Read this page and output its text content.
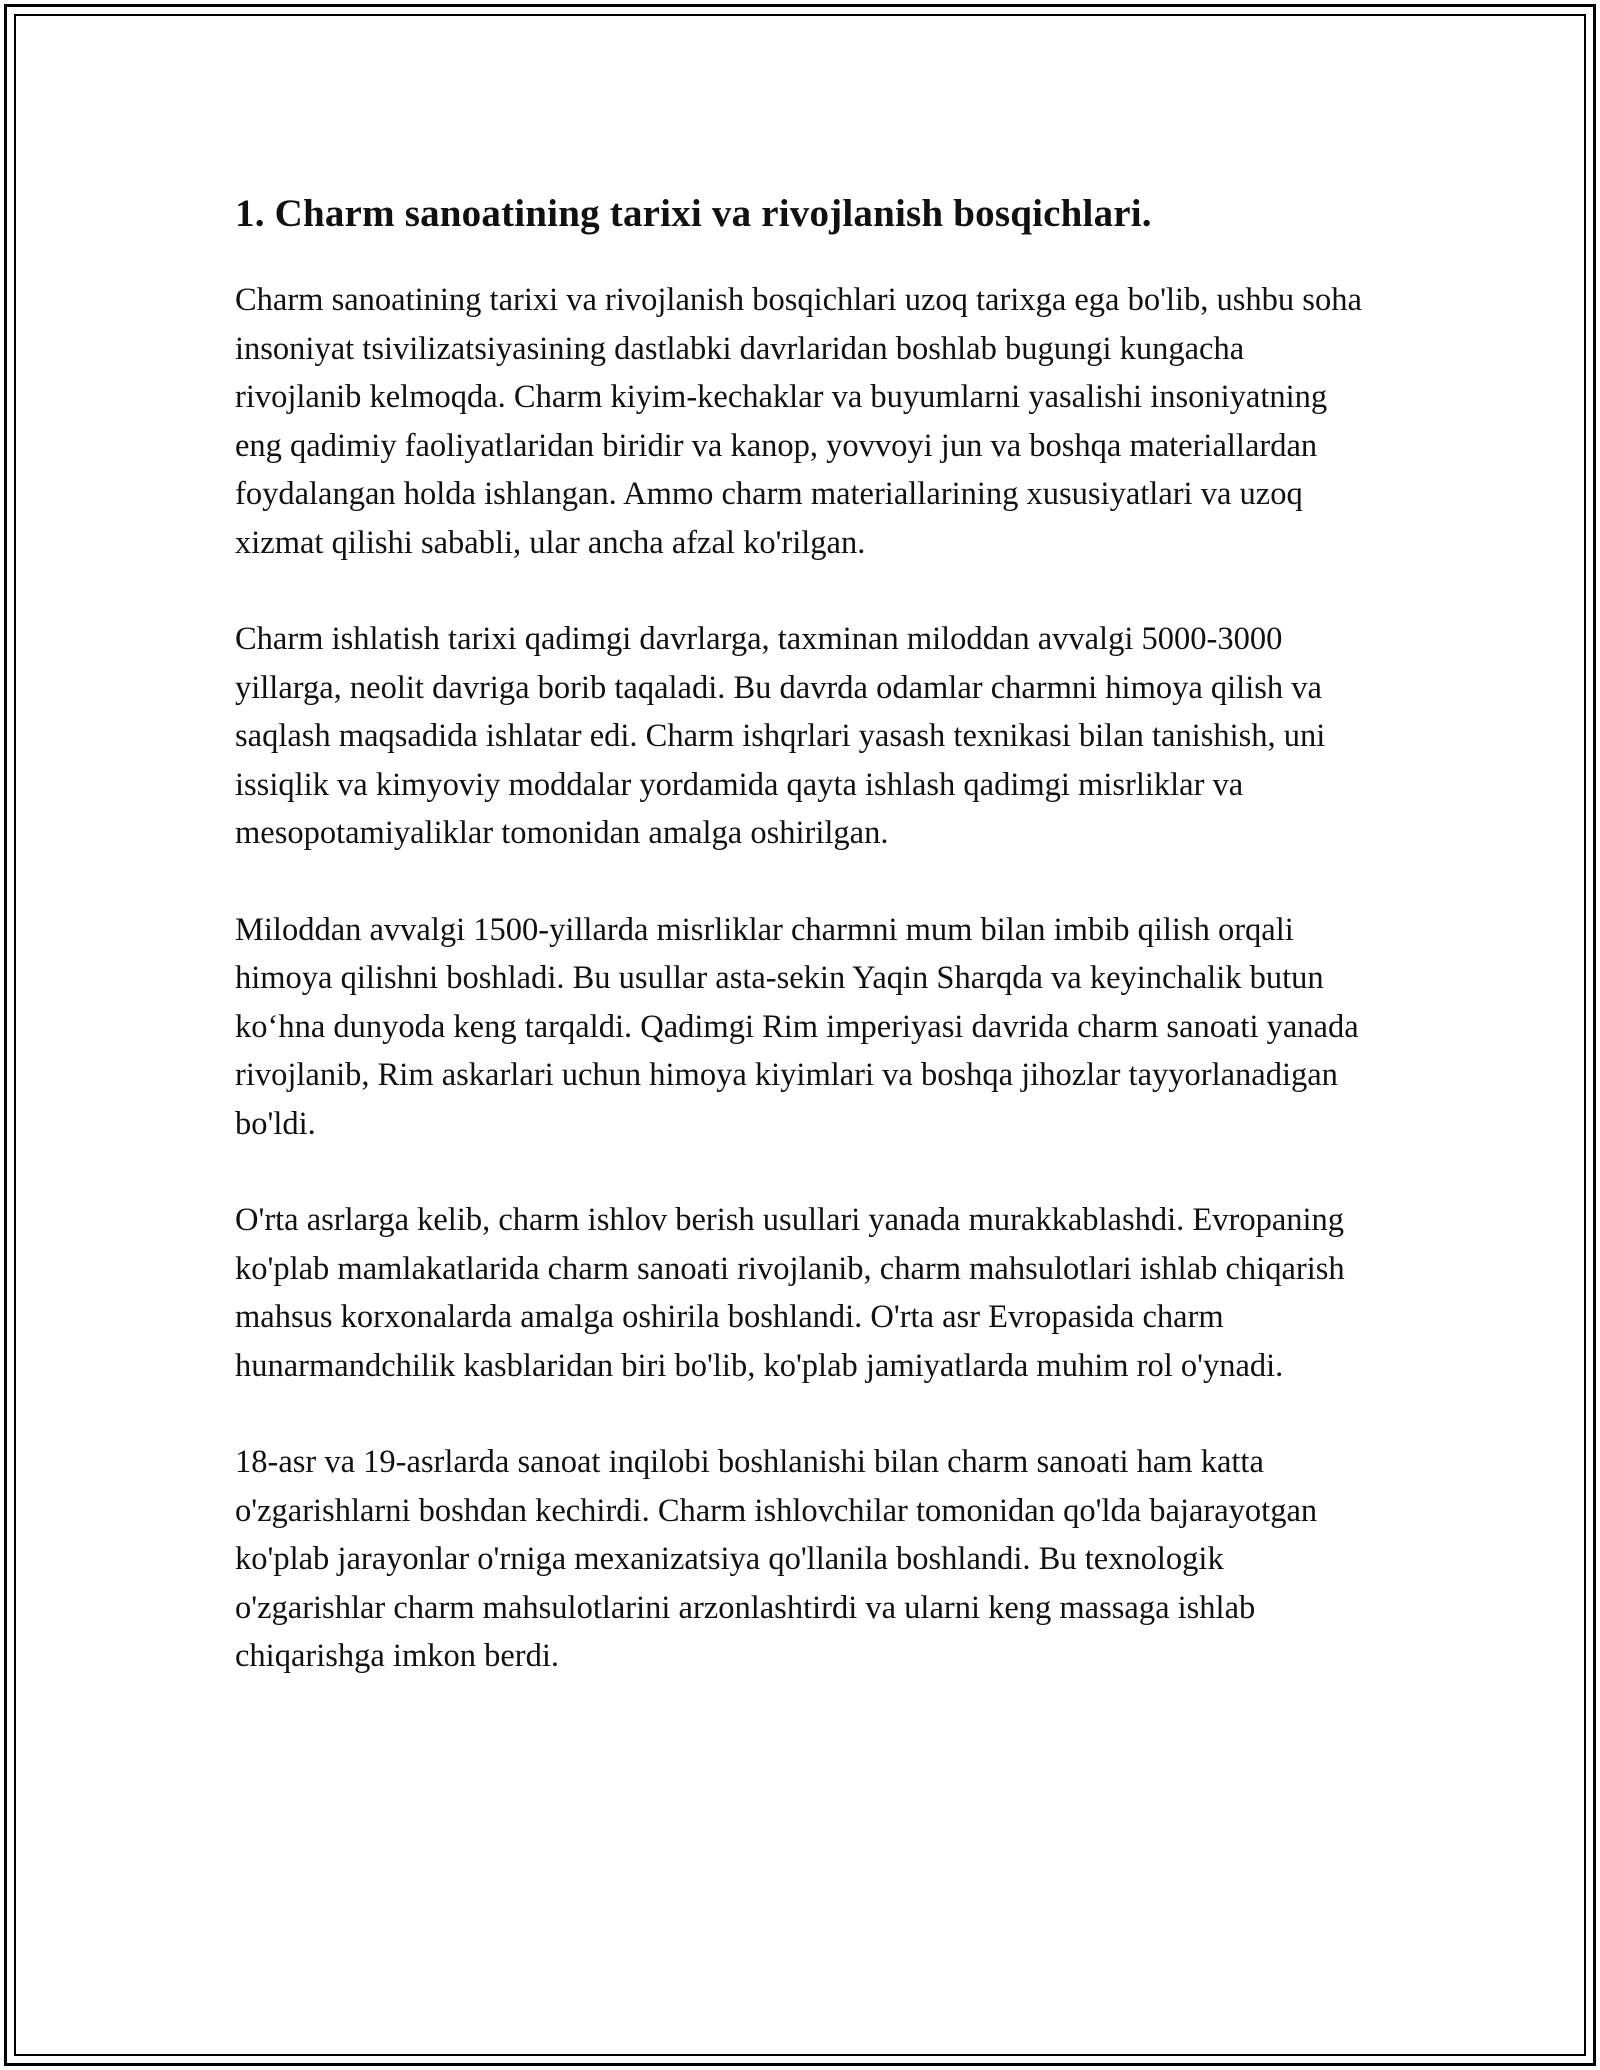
1. Charm sanoatining tarixi va rivojlanish bosqichlari.

Charm sanoatining tarixi va rivojlanish bosqichlari uzoq tarixga ega bo'lib, ushbu soha insoniyat tsivilizatsiyasining dastlabki davrlaridan boshlab bugungi kungacha rivojlanib kelmoqda. Charm kiyim-kechaklar va buyumlarni yasalishi insoniyatning eng qadimiy faoliyatlaridan biridir va kanop, yovvoyi jun va boshqa materiallardan foydalangan holda ishlangan. Ammo charm materiallarining xususiyatlari va uzoq xizmat qilishi sababli, ular ancha afzal ko'rilgan.

Charm ishlatish tarixi qadimgi davrlarga, taxminan miloddan avvalgi 5000-3000 yillarga, neolit davriga borib taqaladi. Bu davrda odamlar charmni himoya qilish va saqlash maqsadida ishlatar edi. Charm ishqrlari yasash texnikasi bilan tanishish, uni issiqlik va kimyoviy moddalar yordamida qayta ishlash qadimgi misrliklar va mesopotamiyaliklar tomonidan amalga oshirilgan.

Miloddan avvalgi 1500-yillarda misrliklar charmni mum bilan imbib qilish orqali himoya qilishni boshladi. Bu usullar asta-sekin Yaqin Sharqda va keyinchalik butun ko‘hna dunyoda keng tarqaldi. Qadimgi Rim imperiyasi davrida charm sanoati yanada rivojlanib, Rim askarlari uchun himoya kiyimlari va boshqa jihozlar tayyorlanadigan bo'ldi.

O'rta asrlarga kelib, charm ishlov berish usullari yanada murakkablashdi. Evropaning ko'plab mamlakatlarida charm sanoati rivojlanib, charm mahsulotlari ishlab chiqarish mahsus korxonalarda amalga oshirila boshlandi. O'rta asr Evropasida charm hunarmandchilik kasblaridan biri bo'lib, ko'plab jamiyatlarda muhim rol o'ynadi.

18-asr va 19-asrlarda sanoat inqilobi boshlanishi bilan charm sanoati ham katta o'zgarishlarni boshdan kechirdi. Charm ishlovchilar tomonidan qo'lda bajarayotgan ko'plab jarayonlar o'rniga mexanizatsiya qo'llanila boshlandi. Bu texnologik o'zgarishlar charm mahsulotlarini arzonlashtirdi va ularni keng massaga ishlab chiqarishga imkon berdi.
